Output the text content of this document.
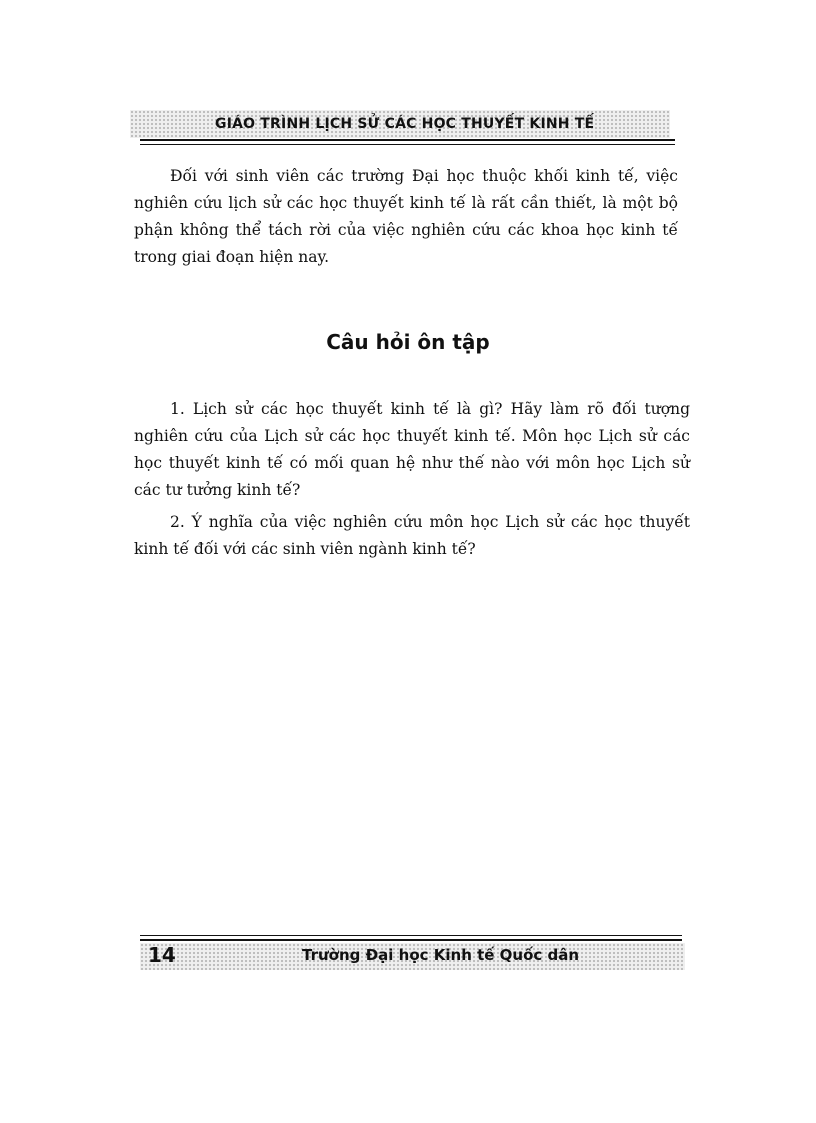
GIÁO TRÌNH LỊCH SỬ CÁC HỌC THUYẾT KINH TẾ

Đối với sinh viên các trường Đại học thuộc khối kinh tế, việc nghiên cứu lịch sử các học thuyết kinh tế là rất cần thiết, là một bộ phận không thể tách rời của việc nghiên cứu các khoa học kinh tế trong giai đoạn hiện nay.

Câu hỏi ôn tập
1. Lịch sử các học thuyết kinh tế là gì? Hãy làm rõ đối tượng nghiên cứu của Lịch sử các học thuyết kinh tế. Môn học Lịch sử các học thuyết kinh tế có mối quan hệ như thế nào với môn học Lịch sử các tư tưởng kinh tế?
2. Ý nghĩa của việc nghiên cứu môn học Lịch sử các học thuyết kinh tế đối với các sinh viên ngành kinh tế?
14	Trường Đại học Kinh tế Quốc dân
